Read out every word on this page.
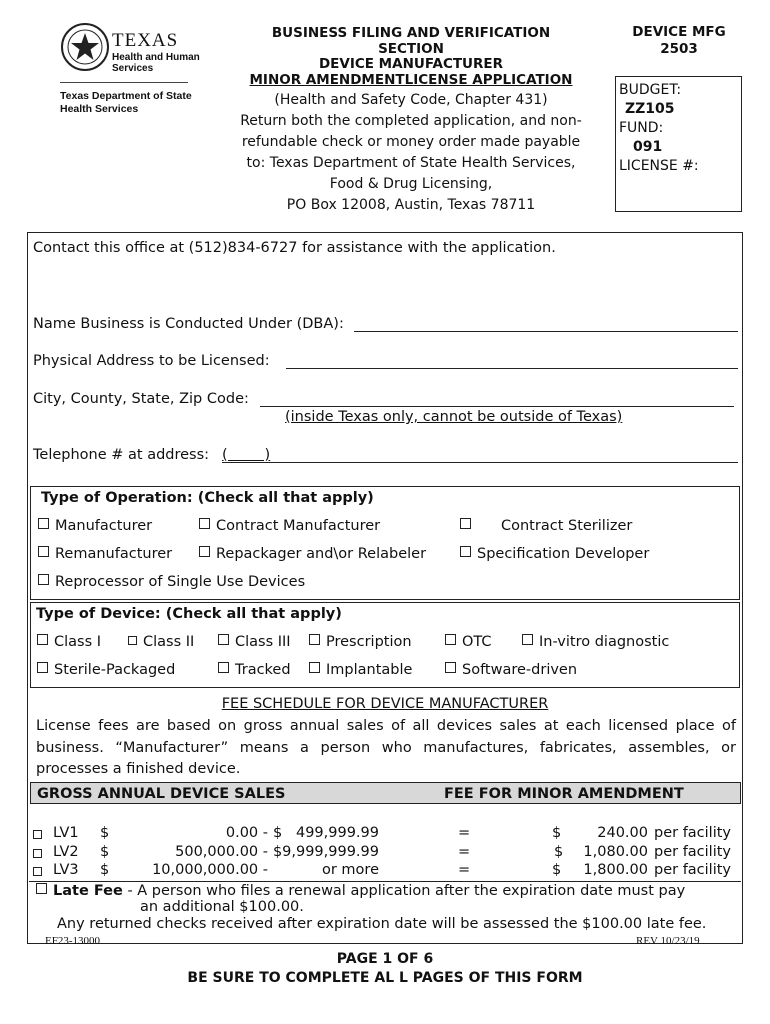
TEXAS
Health and Human
Services
Texas Department of State
Health Services
BUSINESS FILING AND VERIFICATION
SECTION
DEVICE MANUFACTURER
MINOR AMENDMENTLICENSE APPLICATION
(Health and Safety Code, Chapter 431)
Return both the completed application, and non-
refundable check or money order made payable
to: Texas Department of State Health Services,
Food & Drug Licensing,
PO Box 12008, Austin, Texas 78711
DEVICE MFG
2503
BUDGET:
ZZ105
FUND:
091
LICENSE #:
Contact this office at (512)834-6727 for assistance with the application.
Name Business is Conducted Under (DBA):
Physical Address to be Licensed:
City, County, State, Zip Code:
(inside Texas only, cannot be outside of Texas)
Telephone # at address: (        )
Type of Operation: (Check all that apply)
Manufacturer	Contract Manufacturer	Contract Sterilizer
Remanufacturer	Repackager and\or Relabeler	Specification Developer
Reprocessor of Single Use Devices
Type of Device: (Check all that apply)
Class I	Class II	Class III	Prescription	OTC	In-vitro diagnostic
Sterile-Packaged	Tracked	Implantable	Software-driven
FEE SCHEDULE FOR DEVICE MANUFACTURER
License fees are based on gross annual sales of all devices sales at each licensed place of
business. “Manufacturer” means a person who manufactures, fabricates, assembles, or
processes a finished device.
GROSS ANNUAL DEVICE SALES	FEE FOR MINOR AMENDMENT
LV1 $	0.00 - $ 499,999.99	=	$	240.00 per facility
LV2 $	500,000.00 - $ 9,999,999.99	=	$	1,080.00 per facility
LV3 $	10,000,000.00 -	or more	=	$	1,800.00 per facility
Late Fee - A person who files a renewal application after the expiration date must pay
an additional $100.00.
Any returned checks received after expiration date will be assessed the $100.00 late fee.
EF23-13000	REV 10/23/19
PAGE 1 OF 6
BE SURE TO COMPLETE AL L PAGES OF THIS FORM
